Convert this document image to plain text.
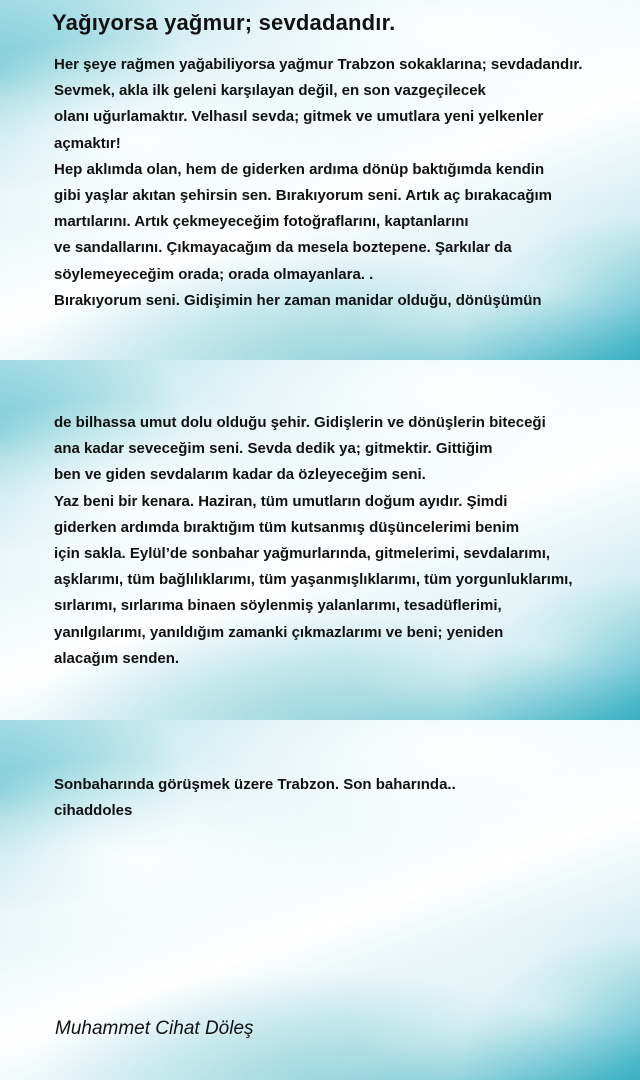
Yağıyorsa yağmur; sevdadandır.

Her şeye rağmen yağabiliyorsa yağmur Trabzon sokaklarına; sevdadandır.
Sevmek, akla ilk geleni karşılayan değil, en son vazgeçilecek
olanı uğurlamaktır. Velhasıl sevda; gitmek ve umutlara yeni yelkenler
açmaktır!
Hep aklımda olan, hem de giderken ardıma dönüp baktığımda kendin
gibi yaşlar akıtan şehirsin sen. Bırakıyorum seni. Artık aç bırakacağım
martılarını. Artık çekmeyeceğim fotoğraflarını, kaptanlarını
ve sandallarını. Çıkmayacağım da mesela boztepene. Şarkılar da
söylemeyeceğim orada; orada olmayanlara. .
Bırakıyorum seni. Gidişimin her zaman manidar olduğu, dönüşümün

de bilhassa umut dolu olduğu şehir. Gidişlerin ve dönüşlerin biteceği
ana kadar seveceğim seni. Sevda dedik ya; gitmektir. Gittiğim
ben ve giden sevdalarım kadar da özleyeceğim seni.
Yaz beni bir kenara. Haziran, tüm umutların doğum ayıdır. Şimdi
giderken ardımda bıraktığım tüm kutsanmış düşüncelerimi benim
için sakla. Eylül’de sonbahar yağmurlarında, gitmelerimi, sevdalarımı,
aşklarımı, tüm bağlılıklarımı, tüm yaşanmışlıklarımı, tüm yorgunluklarımı,
sırlarımı, sırlarıma binaen söylenmiş yalanlarımı, tesadüflerimi,
yanılgılarımı, yanıldığım zamanki çıkmazlarımı ve beni; yeniden
alacağım senden.

Sonbaharında görüşmek üzere Trabzon. Son baharında..
cihaddoles

Muhammet Cihat Döleş
